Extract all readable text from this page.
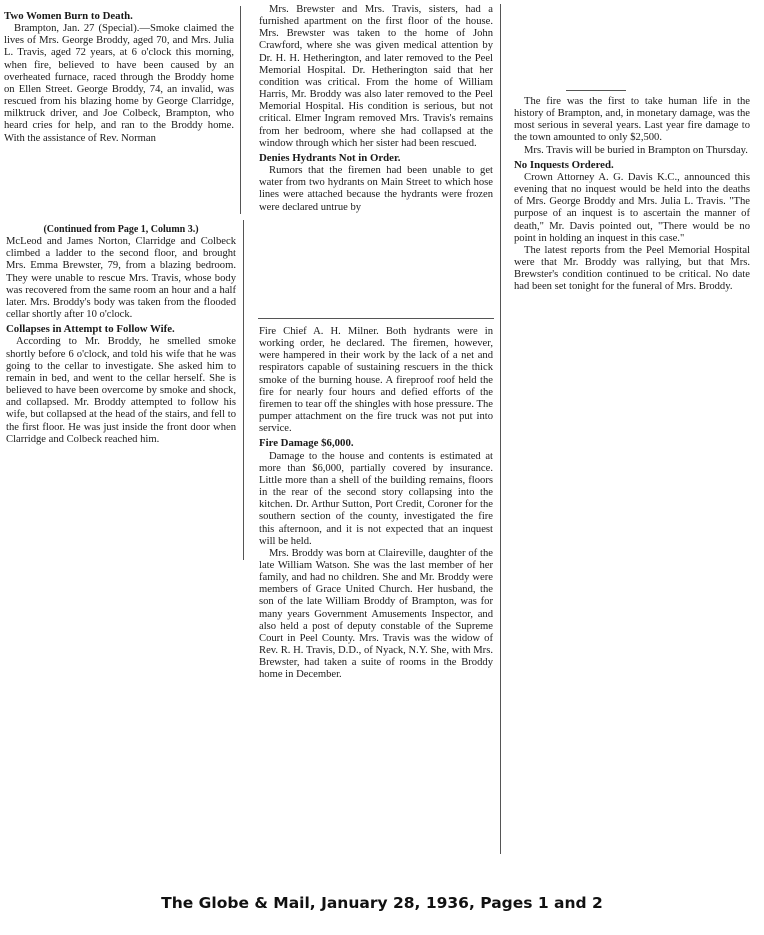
Two Women Burn to Death.

Brampton, Jan. 27 (Special).—Smoke claimed the lives of Mrs. George Broddy, aged 70, and Mrs. Julia L. Travis, aged 72 years, at 6 o'clock this morning, when fire, believed to have been caused by an overheated furnace, raced through the Broddy home on Ellen Street. George Broddy, 74, an invalid, was rescued from his blazing home by George Clarridge, milktruck driver, and Joe Colbeck, Brampton, who heard cries for help, and ran to the Broddy home. With the assistance of Rev. Norman

(Continued from Page 1, Column 3.)

McLeod and James Norton, Clarridge and Colbeck climbed a ladder to the second floor, and brought Mrs. Emma Brewster, 79, from a blazing bedroom. They were unable to rescue Mrs. Travis, whose body was recovered from the same room an hour and a half later. Mrs. Broddy's body was taken from the flooded cellar shortly after 10 o'clock.

Collapses in Attempt to Follow Wife.

According to Mr. Broddy, he smelled smoke shortly before 6 o'clock, and told his wife that he was going to the cellar to investigate. She asked him to remain in bed, and went to the cellar herself. She is believed to have been overcome by smoke and shock, and collapsed. Mr. Broddy attempted to follow his wife, but collapsed at the head of the stairs, and fell to the first floor. He was just inside the front door when Clarridge and Colbeck reached him.

Mrs. Brewster and Mrs. Travis, sisters, had a furnished apartment on the first floor of the house. Mrs. Brewster was taken to the home of John Crawford, where she was given medical attention by Dr. H. H. Hetherington, and later removed to the Peel Memorial Hospital. Dr. Hetherington said that her condition was critical. From the home of William Harris, Mr. Broddy was also later removed to the Peel Memorial Hospital. His condition is serious, but not critical. Elmer Ingram removed Mrs. Travis's remains from her bedroom, where she had collapsed at the window through which her sister had been rescued.

Denies Hydrants Not in Order.

Rumors that the firemen had been unable to get water from two hydrants on Main Street to which hose lines were attached because the hydrants were frozen were declared untrue by

Fire Chief A. H. Milner. Both hydrants were in working order, he declared. The firemen, however, were hampered in their work by the lack of a net and respirators capable of sustaining rescuers in the thick smoke of the burning house. A fireproof roof held the fire for nearly four hours and defied efforts of the firemen to tear off the shingles with hose pressure. The pumper attachment on the fire truck was not put into service.

Fire Damage $6,000.

Damage to the house and contents is estimated at more than $6,000, partially covered by insurance. Little more than a shell of the building remains, floors in the rear of the second story collapsing into the kitchen. Dr. Arthur Sutton, Port Credit, Coroner for the southern section of the county, investigated the fire this afternoon, and it is not expected that an inquest will be held.

Mrs. Broddy was born at Claireville, daughter of the late William Watson. She was the last member of her family, and had no children. She and Mr. Broddy were members of Grace United Church. Her husband, the son of the late William Broddy of Brampton, was for many years Government Amusements Inspector, and also held a post of deputy constable of the Supreme Court in Peel County. Mrs. Travis was the widow of Rev. R. H. Travis, D.D., of Nyack, N.Y. She, with Mrs. Brewster, had taken a suite of rooms in the Broddy home in December.

The fire was the first to take human life in the history of Brampton, and, in monetary damage, was the most serious in several years. Last year fire damage to the town amounted to only $2,500.

Mrs. Travis will be buried in Brampton on Thursday.

No Inquests Ordered.

Crown Attorney A. G. Davis K.C., announced this evening that no inquest would be held into the deaths of Mrs. George Broddy and Mrs. Julia L. Travis. "The purpose of an inquest is to ascertain the manner of death," Mr. Davis pointed out, "There would be no point in holding an inquest in this case."

The latest reports from the Peel Memorial Hospital were that Mr. Broddy was rallying, but that Mrs. Brewster's condition continued to be critical. No date had been set tonight for the funeral of Mrs. Broddy.

The Globe & Mail, January 28, 1936, Pages 1 and 2
